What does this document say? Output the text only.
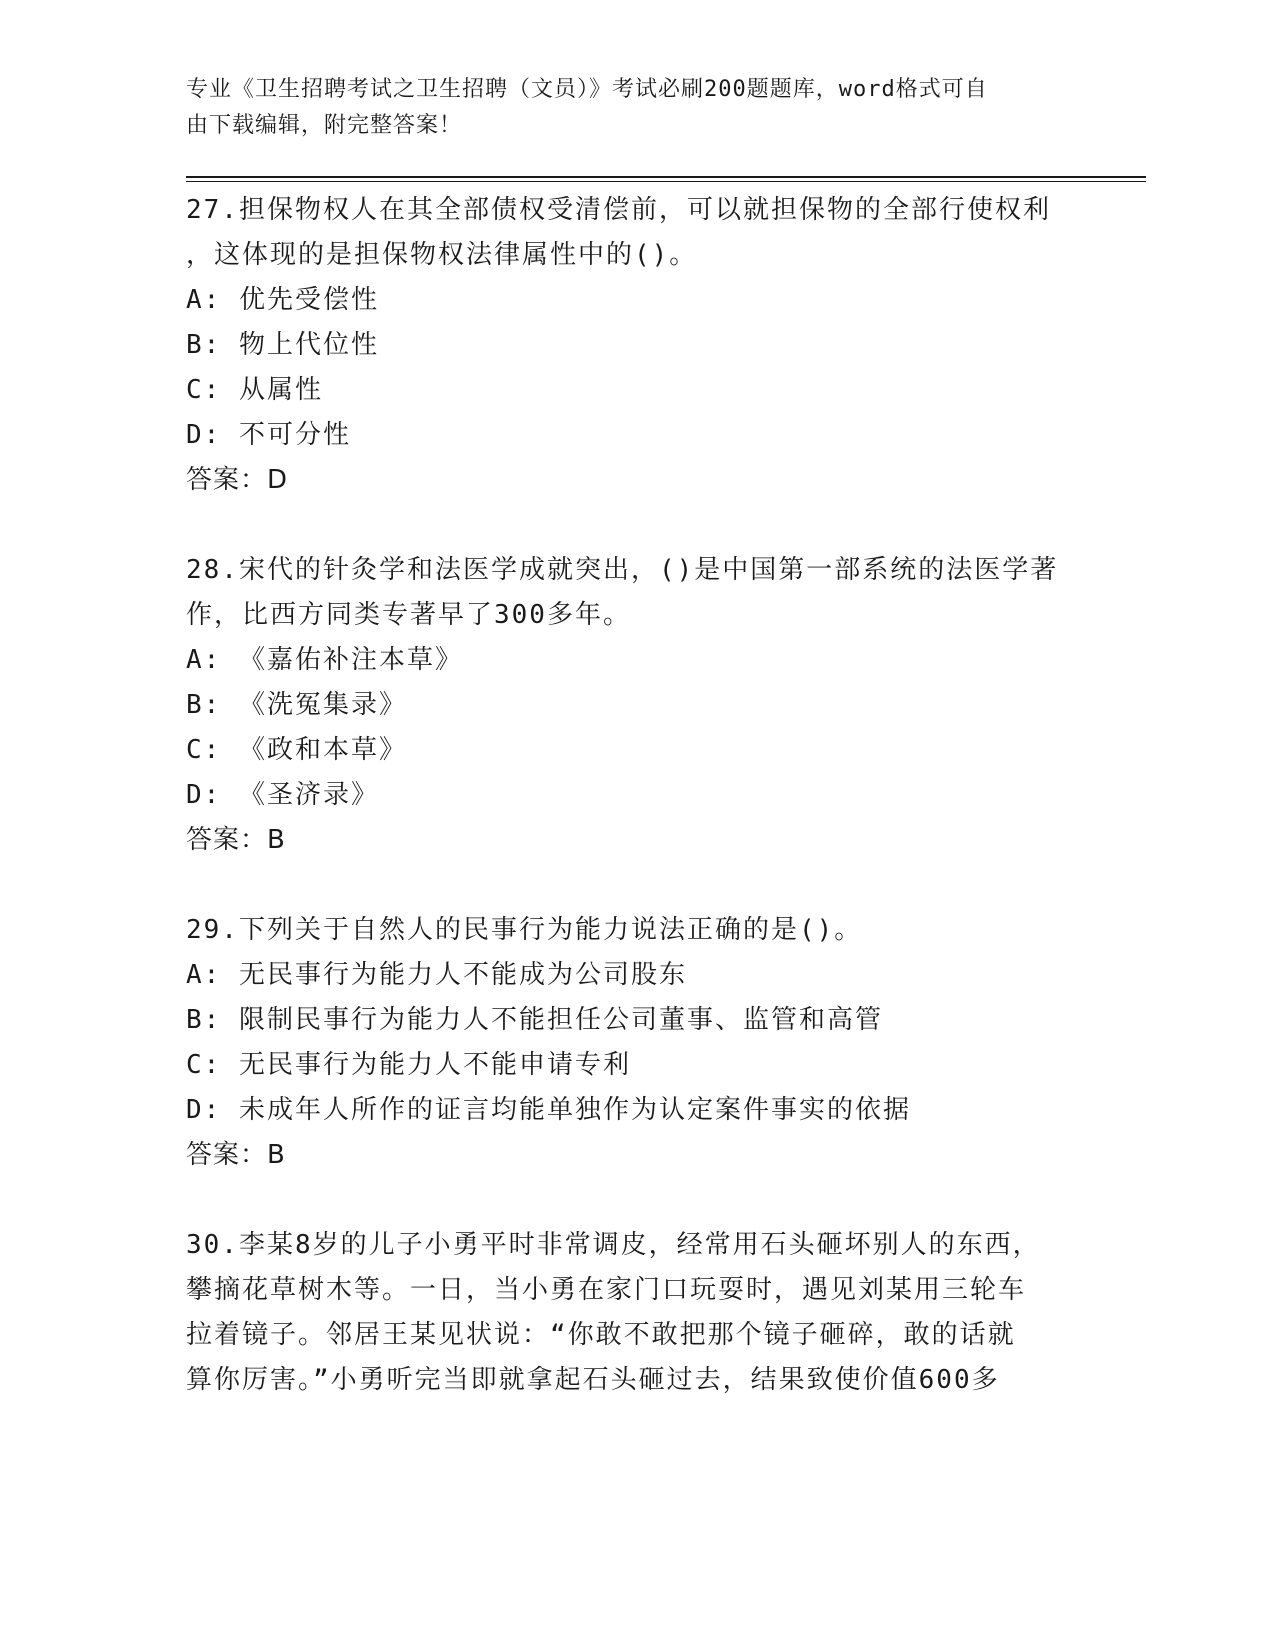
专业《卫生招聘考试之卫生招聘（文员）》考试必刷200题题库，word格式可自
由下载编辑，附完整答案！
27.担保物权人在其全部债权受清偿前，可以就担保物的全部行使权利
，这体现的是担保物权法律属性中的()。
A: 优先受偿性
B: 物上代位性
C: 从属性
D: 不可分性
答案：D
28.宋代的针灸学和法医学成就突出，()是中国第一部系统的法医学著
作，比西方同类专著早了300多年。
A: 《嘉佑补注本草》
B: 《洗冤集录》
C: 《政和本草》
D: 《圣济录》
答案：B
29.下列关于自然人的民事行为能力说法正确的是()。
A: 无民事行为能力人不能成为公司股东
B: 限制民事行为能力人不能担任公司董事、监管和高管
C: 无民事行为能力人不能申请专利
D: 未成年人所作的证言均能单独作为认定案件事实的依据
答案：B
30.李某8岁的儿子小勇平时非常调皮，经常用石头砸坏别人的东西，
攀摘花草树木等。一日，当小勇在家门口玩耍时，遇见刘某用三轮车
拉着镜子。邻居王某见状说：“你敢不敢把那个镜子砸碎，敢的话就
算你厉害。”小勇听完当即就拿起石头砸过去，结果致使价值600多
